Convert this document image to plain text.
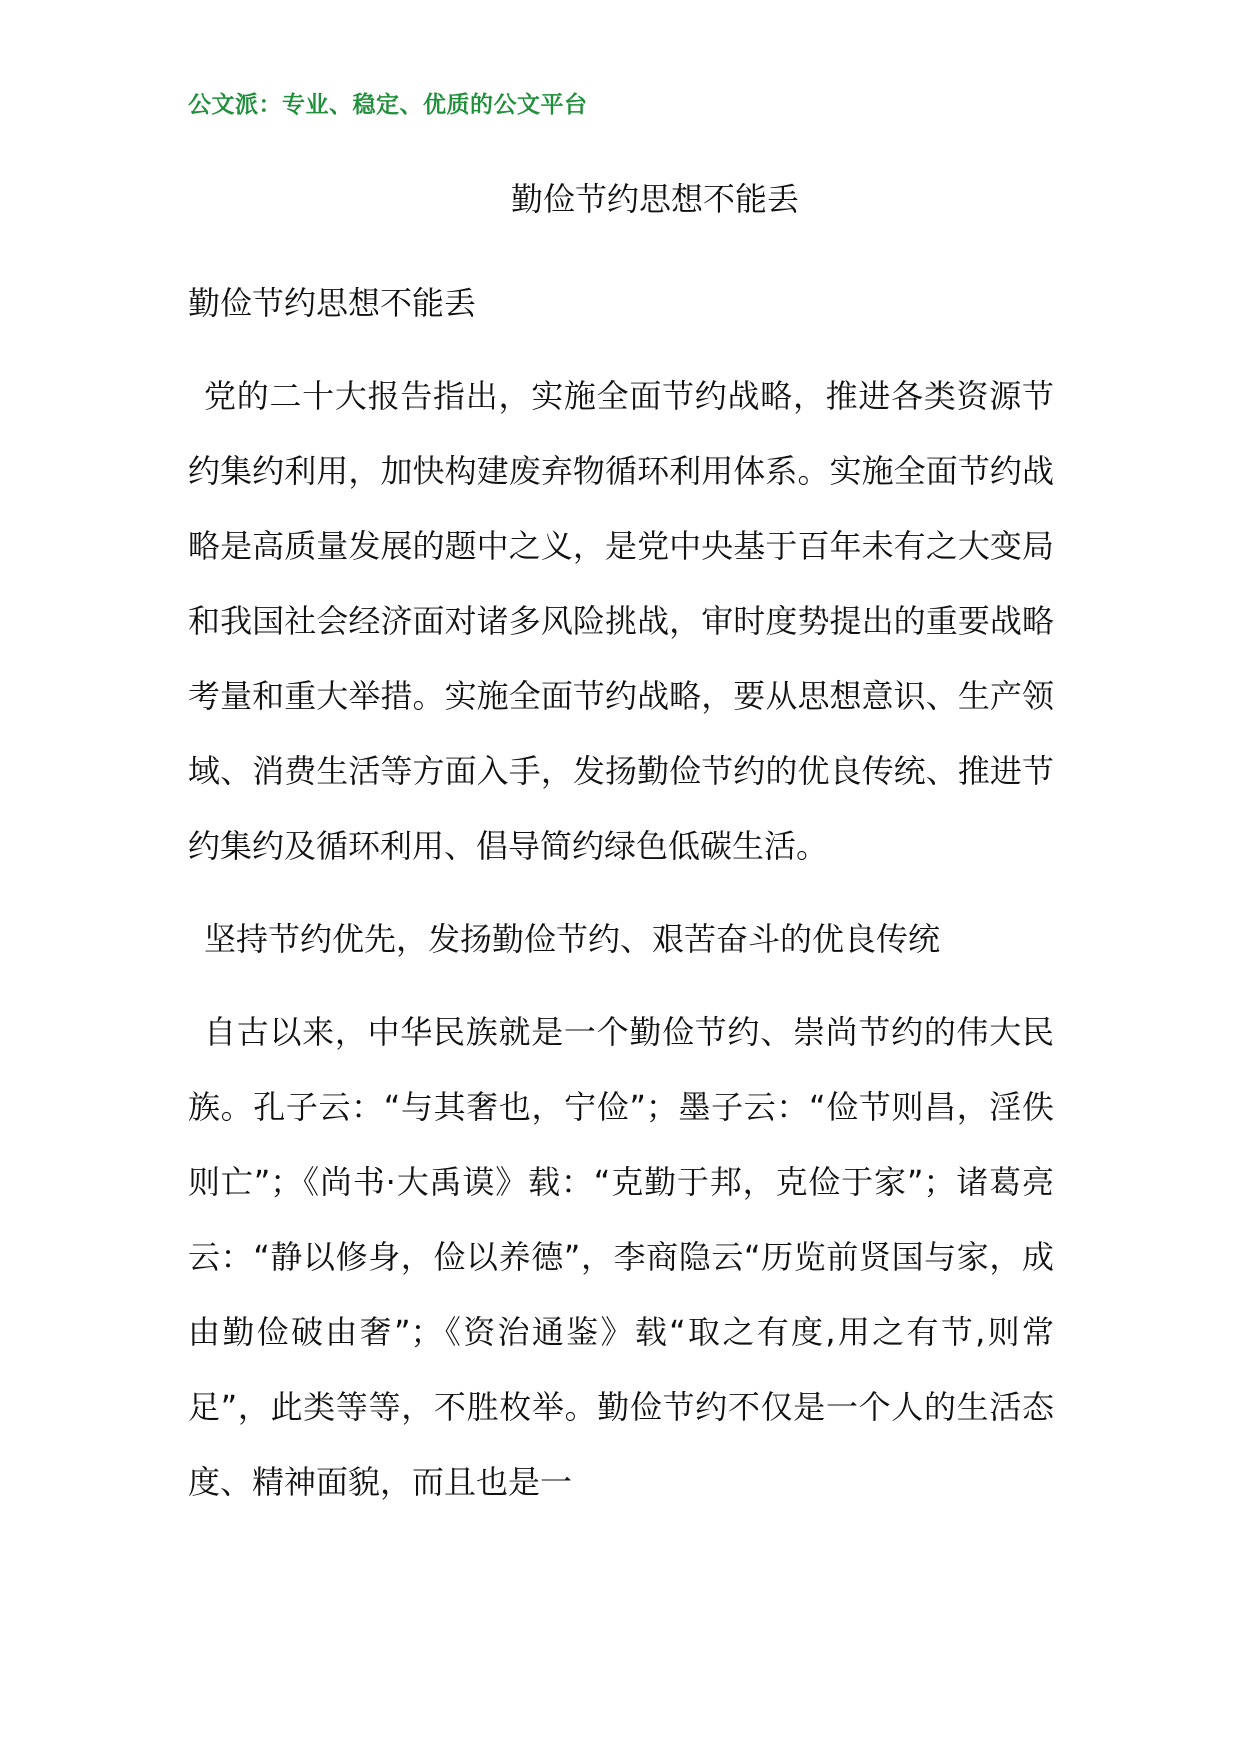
公文派：专业、稳定、优质的公文平台
勤俭节约思想不能丢

勤俭节约思想不能丢

党的二十大报告指出，实施全面节约战略，推进各类资源节约集约利用，加快构建废弃物循环利用体系。实施全面节约战略是高质量发展的题中之义，是党中央基于百年未有之大变局和我国社会经济面对诸多风险挑战，审时度势提出的重要战略考量和重大举措。实施全面节约战略，要从思想意识、生产领域、消费生活等方面入手，发扬勤俭节约的优良传统、推进节约集约及循环利用、倡导简约绿色低碳生活。

坚持节约优先，发扬勤俭节约、艰苦奋斗的优良传统

自古以来，中华民族就是一个勤俭节约、崇尚节约的伟大民族。孔子云：“与其奢也，宁俭”；墨子云：“俭节则昌，淫佚则亡”；《尚书·大禹谟》载：“克勤于邦，克俭于家”；诸葛亮云：“静以修身，俭以养德”，李商隐云“历览前贤国与家，成由勤俭破由奢”；《资治通鉴》载“取之有度,用之有节,则常足”，此类等等，不胜枚举。勤俭节约不仅是一个人的生活态度、精神面貌，而且也是一
